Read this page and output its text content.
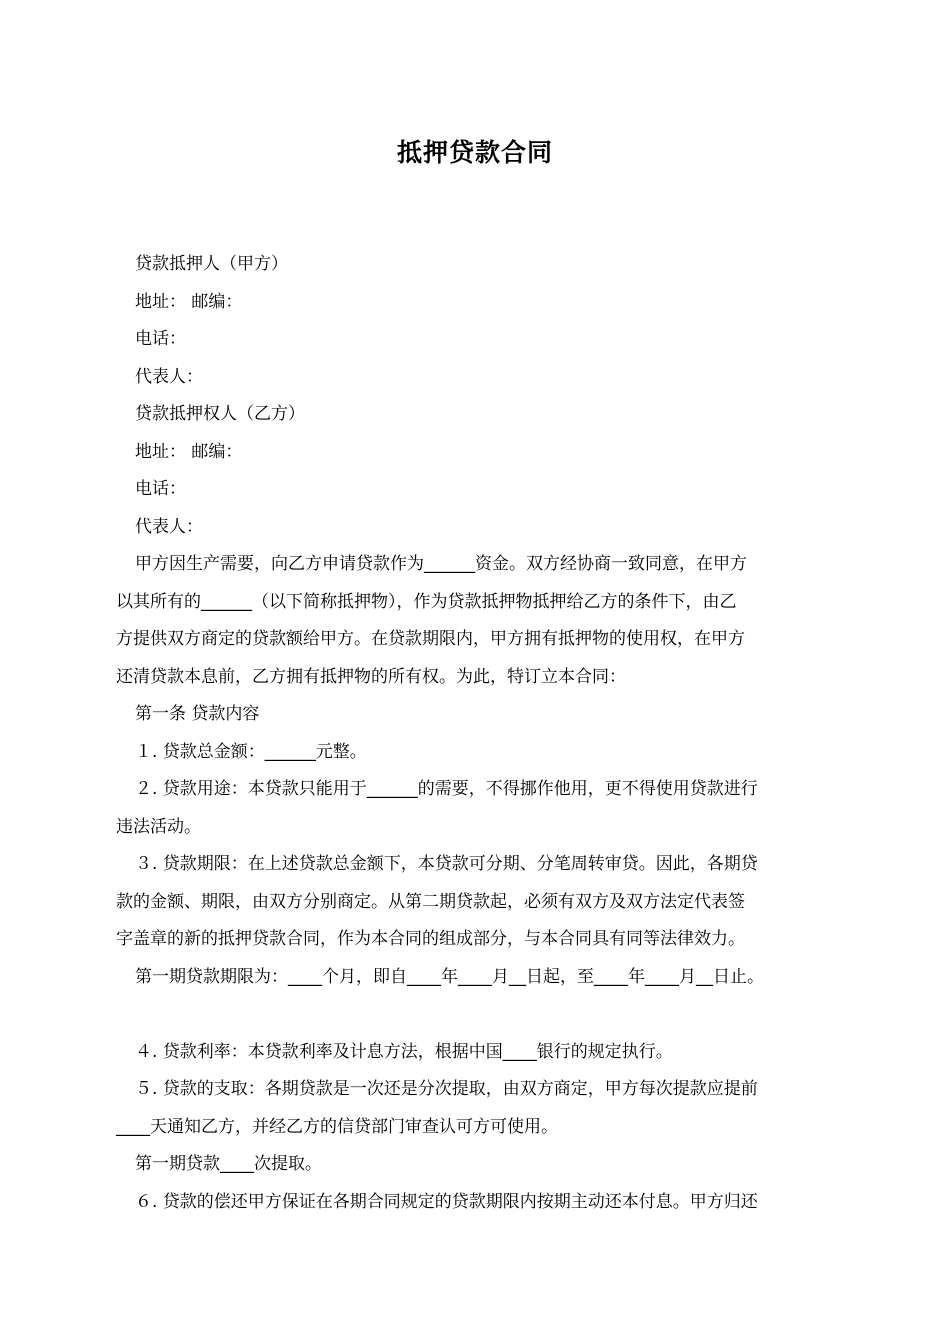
抵押贷款合同
贷款抵押人（甲方）
地址： 邮编：
电话：
代表人：
贷款抵押权人（乙方）
地址： 邮编：
电话：
代表人：
甲方因生产需要，向乙方申请贷款作为______资金。双方经协商一致同意，在甲方
以其所有的______（以下简称抵押物），作为贷款抵押物抵押给乙方的条件下，由乙
方提供双方商定的贷款额给甲方。在贷款期限内，甲方拥有抵押物的使用权，在甲方
还清贷款本息前，乙方拥有抵押物的所有权。为此，特订立本合同：
第一条 贷款内容
１. 贷款总金额：______元整。
２. 贷款用途：本贷款只能用于______的需要，不得挪作他用，更不得使用贷款进行
违法活动。
３. 贷款期限：在上述贷款总金额下，本贷款可分期、分笔周转审贷。因此，各期贷
款的金额、期限，由双方分别商定。从第二期贷款起，必须有双方及双方法定代表签
字盖章的新的抵押贷款合同，作为本合同的组成部分，与本合同具有同等法律效力。
第一期贷款期限为：____个月，即自____年____月__日起，至____年____月__日止。
４. 贷款利率：本贷款利率及计息方法，根据中国____银行的规定执行。
５. 贷款的支取：各期贷款是一次还是分次提取，由双方商定，甲方每次提款应提前
____天通知乙方，并经乙方的信贷部门审查认可方可使用。
第一期贷款____次提取。
６. 贷款的偿还甲方保证在各期合同规定的贷款期限内按期主动还本付息。甲方归还
